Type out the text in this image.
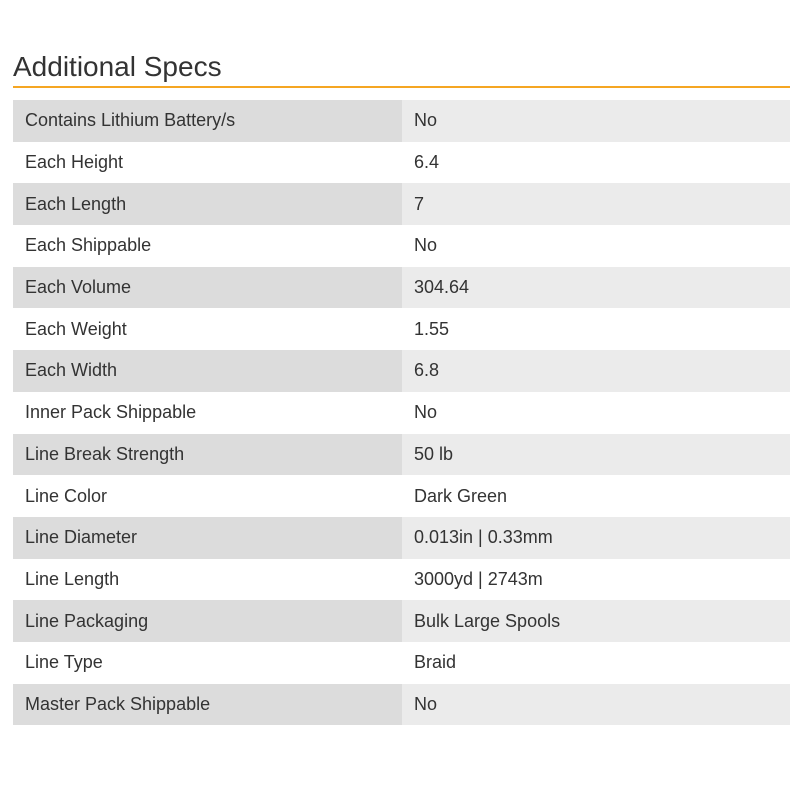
Additional Specs
Contains Lithium Battery/s	No
Each Height	6.4
Each Length	7
Each Shippable	No
Each Volume	304.64
Each Weight	1.55
Each Width	6.8
Inner Pack Shippable	No
Line Break Strength	50 lb
Line Color	Dark Green
Line Diameter	0.013in | 0.33mm
Line Length	3000yd | 2743m
Line Packaging	Bulk Large Spools
Line Type	Braid
Master Pack Shippable	No
